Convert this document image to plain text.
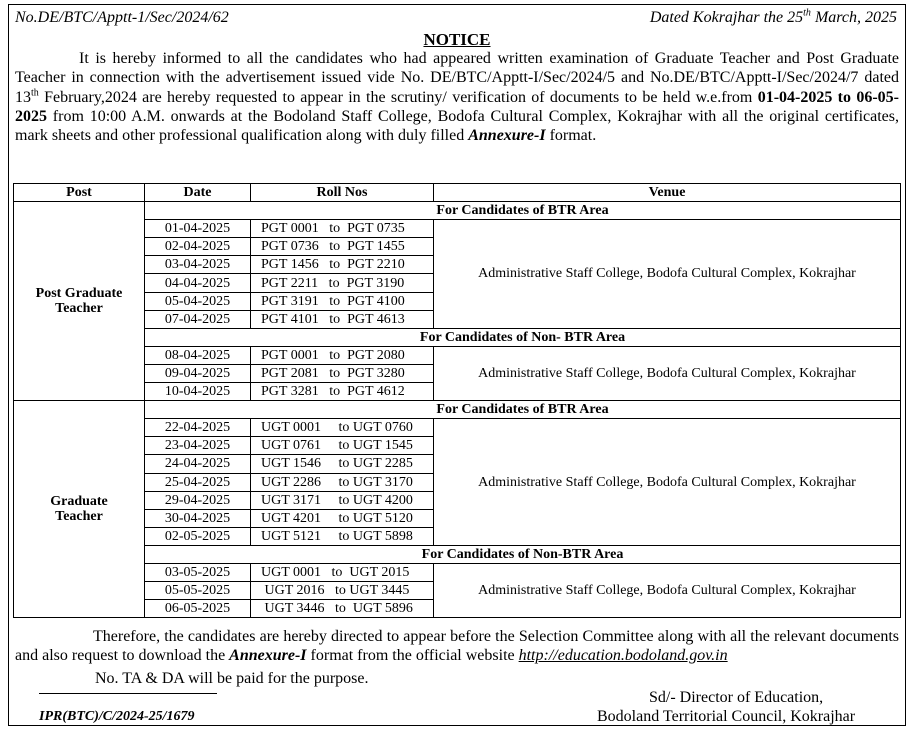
No.DE/BTC/Apptt-1/Sec/2024/62	Dated Kokrajhar the 25th March, 2025
NOTICE
It is hereby informed to all the candidates who had appeared written examination of Graduate Teacher and Post Graduate Teacher in connection with the advertisement issued vide No. DE/BTC/Apptt-I/Sec/2024/5 and No.DE/BTC/Apptt-I/Sec/2024/7 dated 13th February,2024 are hereby requested to appear in the scrutiny/ verification of documents to be held w.e.from 01-04-2025 to 06-05-2025 from 10:00 A.M. onwards at the Bodoland Staff College, Bodofa Cultural Complex, Kokrajhar with all the original certificates, mark sheets and other professional qualification along with duly filled Annexure-I format.
Post	Date	Roll Nos	Venue

Post Graduate
Teacher	For Candidates of BTR Area		
	01-04-2025	PGT 0001   to  PGT 0735	Administrative Staff College, Bodofa Cultural Complex, Kokrajhar
	02-04-2025	PGT 0736   to  PGT 1455	
	03-04-2025	PGT 1456   to  PGT 2210	
	04-04-2025	PGT 2211   to  PGT 3190	
	05-04-2025	PGT 3191   to  PGT 4100	
	07-04-2025	PGT 4101   to  PGT 4613	
	For Candidates of Non- BTR Area		
	08-04-2025	PGT 0001   to  PGT 2080	Administrative Staff College, Bodofa Cultural Complex, Kokrajhar
	09-04-2025	PGT 2081   to  PGT 3280	
	10-04-2025	PGT 3281   to  PGT 4612	

Graduate
Teacher	For Candidates of BTR Area		
	22-04-2025	UGT 0001     to UGT 0760	Administrative Staff College, Bodofa Cultural Complex, Kokrajhar
	23-04-2025	UGT 0761     to UGT 1545	
	24-04-2025	UGT 1546     to UGT 2285	
	25-04-2025	UGT 2286     to UGT 3170	
	29-04-2025	UGT 3171     to UGT 4200	
	30-04-2025	UGT 4201     to UGT 5120	
	02-05-2025	UGT 5121     to UGT 5898	
	For Candidates of Non-BTR Area		
	03-05-2025	UGT 0001   to  UGT 2015	Administrative Staff College, Bodofa Cultural Complex, Kokrajhar
	05-05-2025	UGT 2016   to UGT 3445	
	06-05-2025	UGT 3446   to  UGT 5896	
Therefore, the candidates are hereby directed to appear before the Selection Committee along with all the relevant documents and also request to download the Annexure-I format from the official website http://education.bodoland.gov.in
No. TA & DA will be paid for the purpose.
IPR(BTC)/C/2024-25/1679
Sd/- Director of Education,
Bodoland Territorial Council, Kokrajhar
